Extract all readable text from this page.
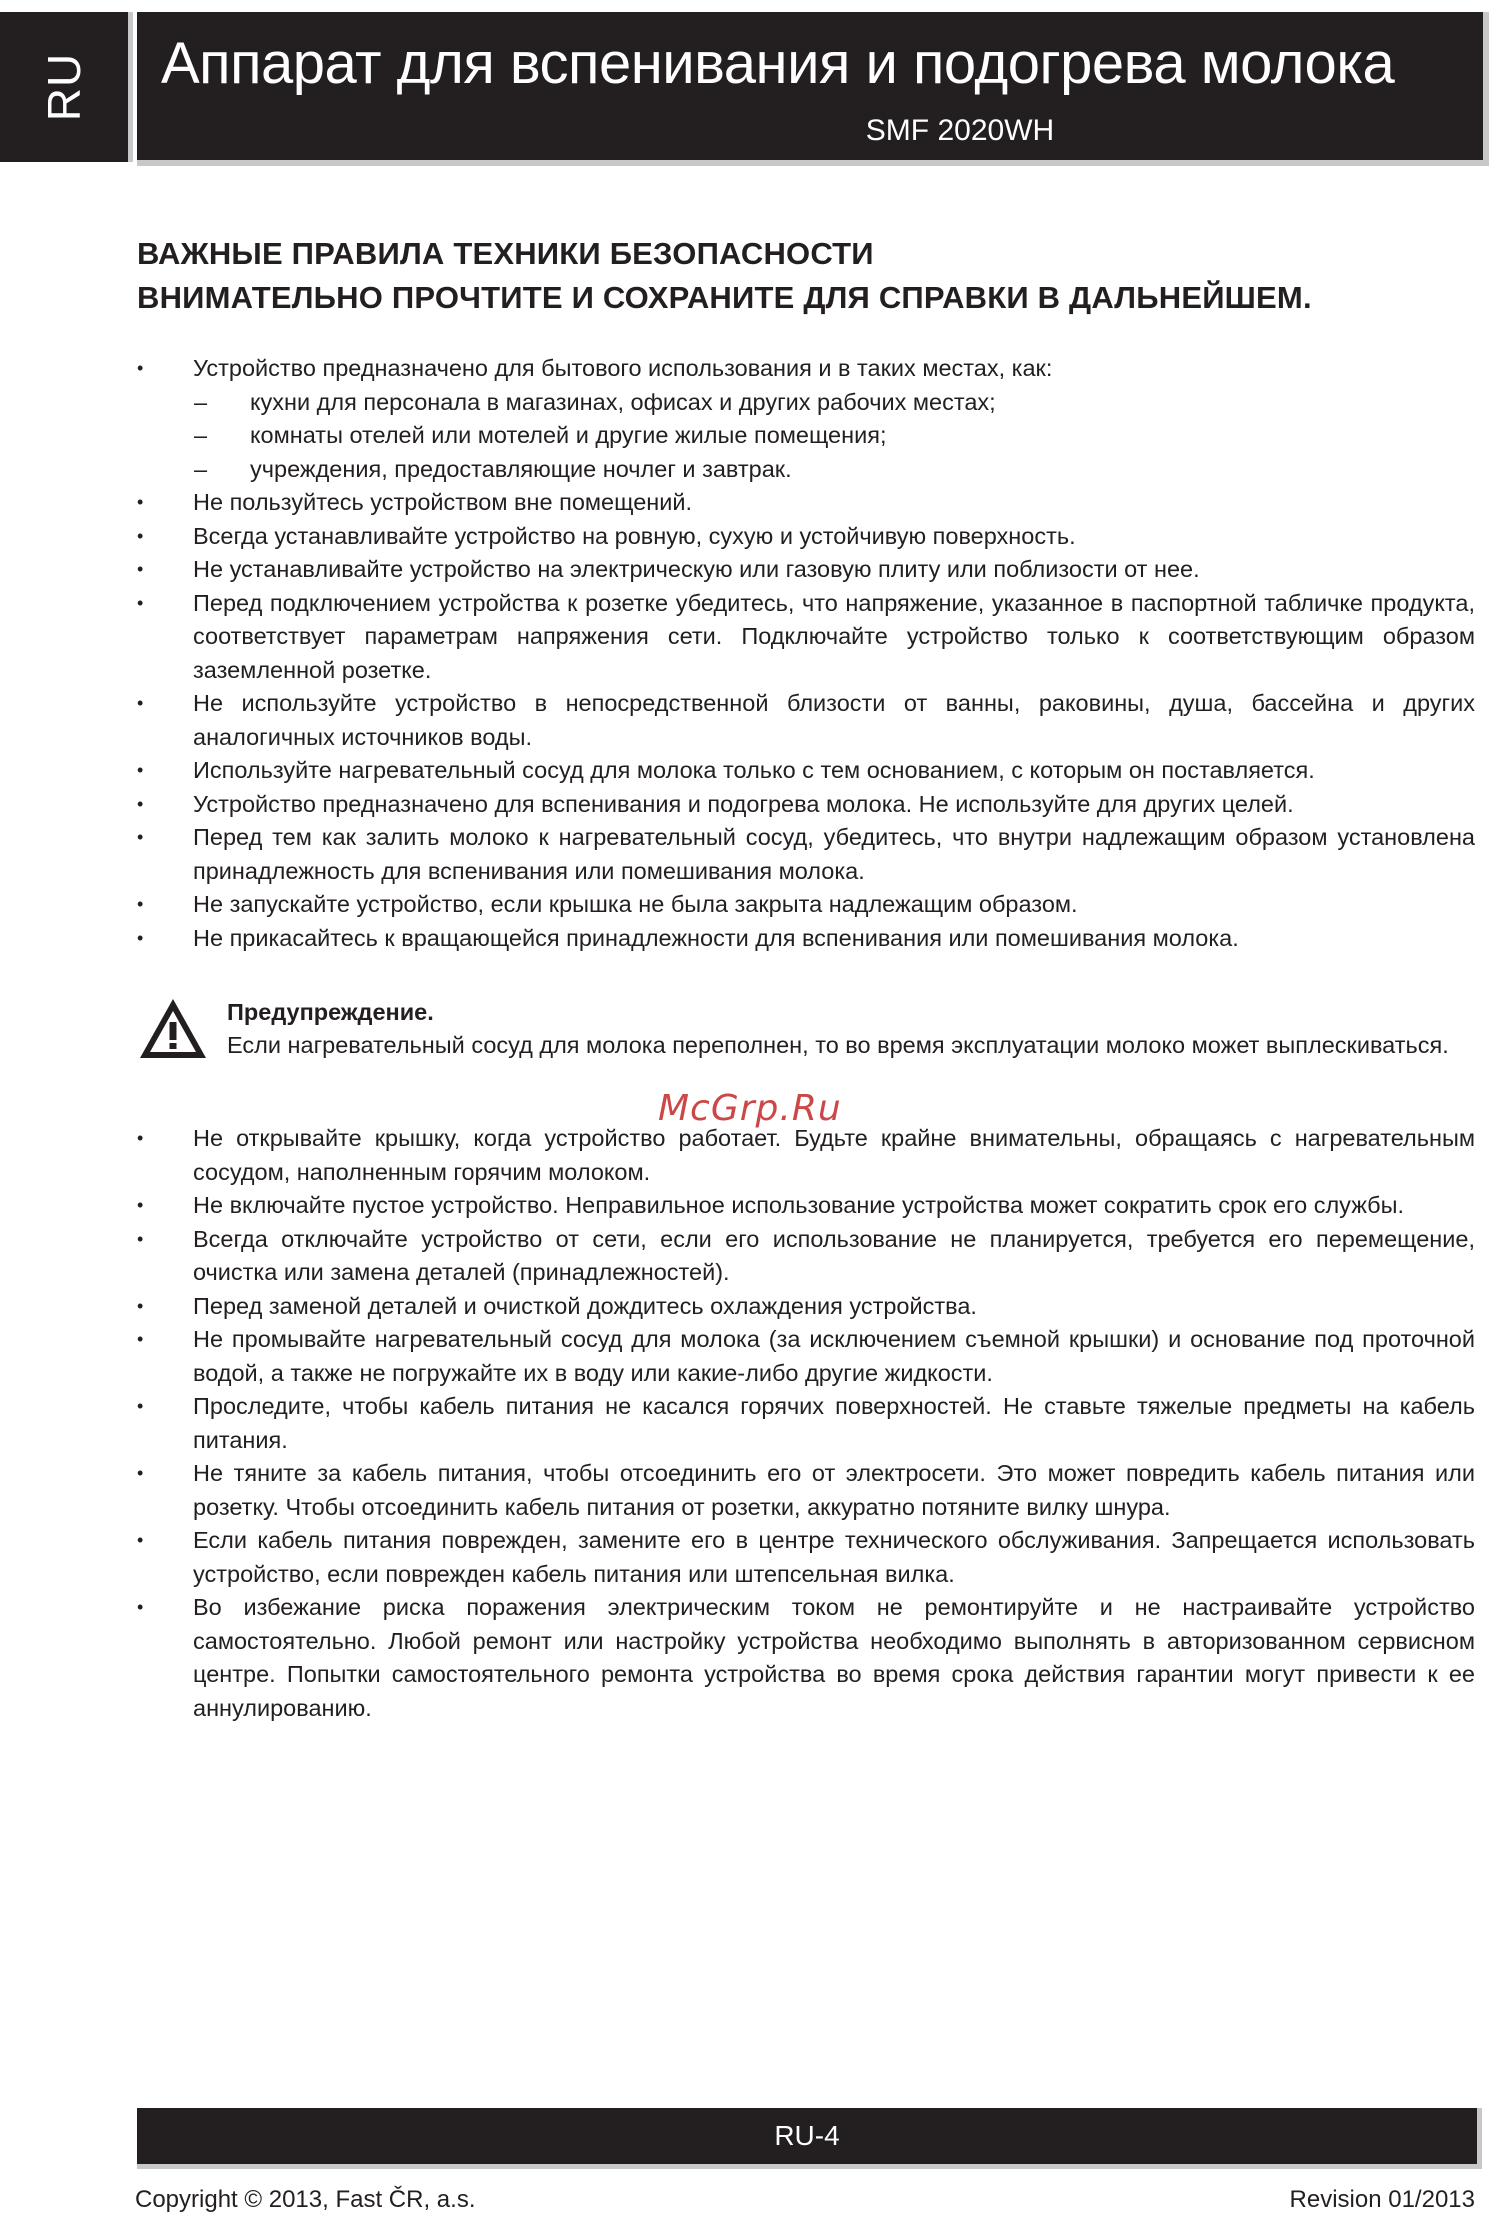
RU Аппарат для вспенивания и подогрева молока
SMF 2020WH
ВАЖНЫЕ ПРАВИЛА ТЕХНИКИ БЕЗОПАСНОСТИ
ВНИМАТЕЛЬНО ПРОЧТИТЕ И СОХРАНИТЕ ДЛЯ СПРАВКИ В ДАЛЬНЕЙШЕМ.
• Устройство предназначено для бытового использования и в таких местах, как:
– кухни для персонала в магазинах, офисах и других рабочих местах;
– комнаты отелей или мотелей и другие жилые помещения;
– учреждения, предоставляющие ночлег и завтрак.
• Не пользуйтесь устройством вне помещений.
• Всегда устанавливайте устройство на ровную, сухую и устойчивую поверхность.
• Не устанавливайте устройство на электрическую или газовую плиту или поблизости от нее.
• Перед подключением устройства к розетке убедитесь, что напряжение, указанное в паспортной табличке продукта, соответствует параметрам напряжения сети. Подключайте устройство только к соответствующим образом заземленной розетке.
• Не используйте устройство в непосредственной близости от ванны, раковины, душа, бассейна и других аналогичных источников воды.
• Используйте нагревательный сосуд для молока только с тем основанием, с которым он поставляется.
• Устройство предназначено для вспенивания и подогрева молока. Не используйте для других целей.
• Перед тем как залить молоко к нагревательный сосуд, убедитесь, что внутри надлежащим образом установлена принадлежность для вспенивания или помешивания молока.
• Не запускайте устройство, если крышка не была закрыта надлежащим образом.
• Не прикасайтесь к вращающейся принадлежности для вспенивания или помешивания молока.
Предупреждение.
Если нагревательный сосуд для молока переполнен, то во время эксплуатации молоко может выплескиваться.
McGrp.Ru
• Не открывайте крышку, когда устройство работает. Будьте крайне внимательны, обращаясь с нагревательным сосудом, наполненным горячим молоком.
• Не включайте пустое устройство. Неправильное использование устройства может сократить срок его службы.
• Всегда отключайте устройство от сети, если его использование не планируется, требуется его перемещение, очистка или замена деталей (принадлежностей).
• Перед заменой деталей и очисткой дождитесь охлаждения устройства.
• Не промывайте нагревательный сосуд для молока (за исключением съемной крышки) и основание под проточной водой, а также не погружайте их в воду или какие-либо другие жидкости.
• Проследите, чтобы кабель питания не касался горячих поверхностей. Не ставьте тяжелые предметы на кабель питания.
• Не тяните за кабель питания, чтобы отсоединить его от электросети. Это может повредить кабель питания или розетку. Чтобы отсоединить кабель питания от розетки, аккуратно потяните вилку шнура.
• Если кабель питания поврежден, замените его в центре технического обслуживания. Запрещается использовать устройство, если поврежден кабель питания или штепсельная вилка.
• Во избежание риска поражения электрическим током не ремонтируйте и не настраивайте устройство самостоятельно. Любой ремонт или настройку устройства необходимо выполнять в авторизованном сервисном центре. Попытки самостоятельного ремонта устройства во время срока действия гарантии могут привести к ее аннулированию.
RU-4
Copyright © 2013, Fast ČR, a.s.	Revision 01/2013
